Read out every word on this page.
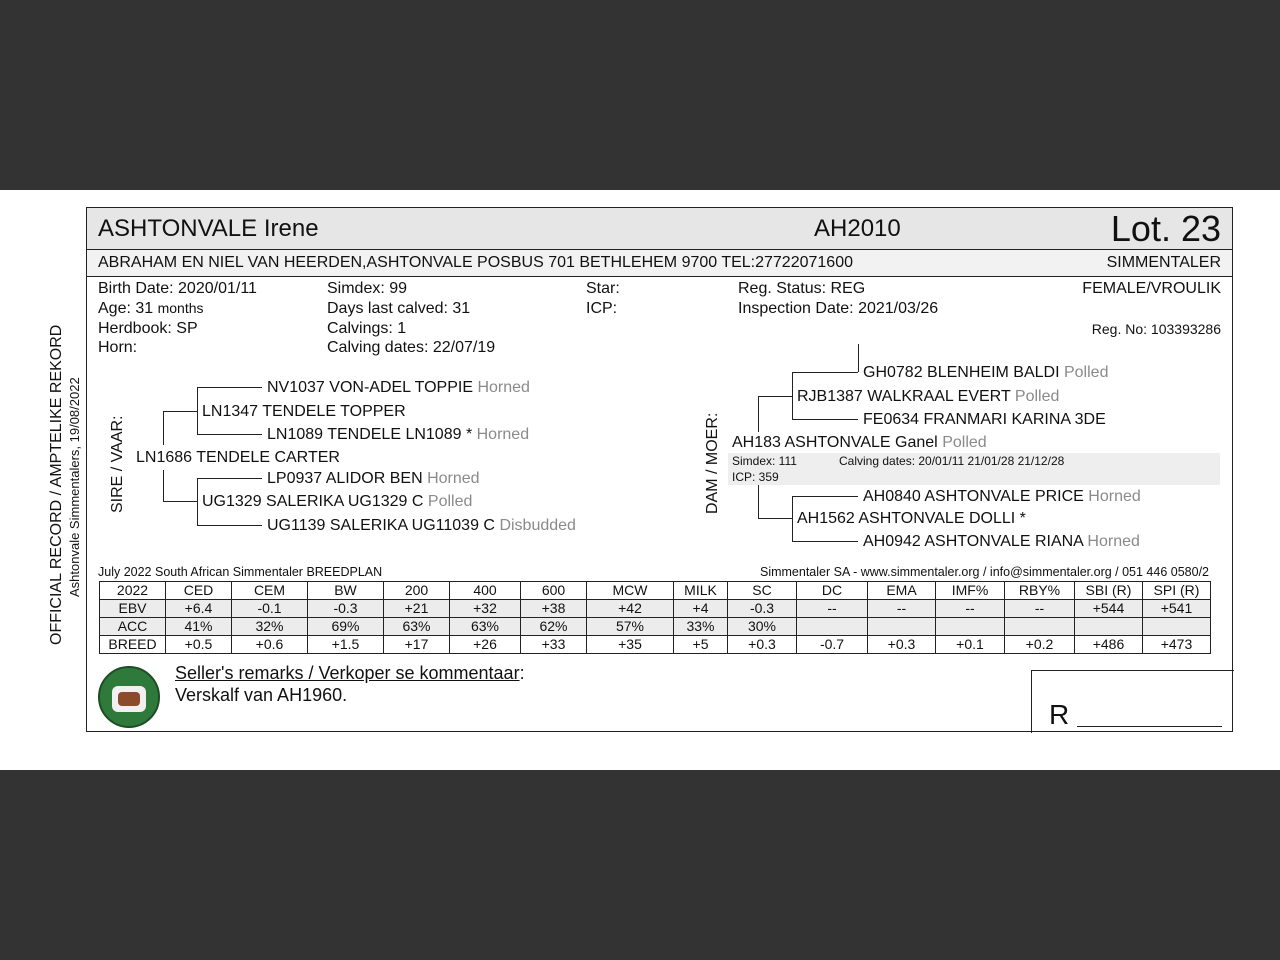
OFFICIAL RECORD / AMPTELIKE REKORD Ashtonvale Simmentalers, 19/08/2022
ASHTONVALE Irene	AH2010	Lot. 23
ABRAHAM EN NIEL VAN HEERDEN,ASHTONVALE POSBUS 701 BETHLEHEM 9700 TEL:27722071600	SIMMENTALER
Birth Date: 2020/01/11
Age: 31 months
Herdbook: SP
Horn:
Simdex: 99
Days last calved: 31
Calvings: 1
Calving dates: 22/07/19
Star:
ICP:
Reg. Status: REG
Inspection Date: 2021/03/26
FEMALE/VROULIK
Reg. No: 103393286
SIRE / VAAR: LN1686 TENDELE CARTER
LN1347 TENDELE TOPPER
UG1329 SALERIKA UG1329 C Polled
NV1037 VON-ADEL TOPPIE Horned
LN1089 TENDELE LN1089 * Horned
LP0937 ALIDOR BEN Horned
UG1139 SALERIKA UG11039 C Disbudded
DAM / MOER:
RJB1387 WALKRAAL EVERT Polled
GH0782 BLENHEIM BALDI Polled
FE0634 FRANMARI KARINA 3DE
AH183 ASHTONVALE Ganel Polled
Simdex: 111	Calving dates: 20/01/11 21/01/28 21/12/28
ICP: 359
AH1562 ASHTONVALE DOLLI *
AH0840 ASHTONVALE PRICE Horned
AH0942 ASHTONVALE RIANA Horned
July 2022 South African Simmentaler BREEDPLAN	Simmentaler SA - www.simmentaler.org / info@simmentaler.org / 051 446 0580/2
Seller's remarks / Verkoper se kommentaar:
Verskalf van AH1960.
R
2022	CED	CEM	BW	200	400	600	MCW	MILK	SC	DC	EMA	IMF%	RBY%	SBI (R)	SPI (R)
EBV	+6.4	-0.1	-0.3	+21	+32	+38	+42	+4	-0.3	--	--	--	--	+544	+541
ACC	41%	32%	69%	63%	63%	62%	57%	33%	30%						
BREED	+0.5	+0.6	+1.5	+17	+26	+33	+35	+5	+0.3	-0.7	+0.3	+0.1	+0.2	+486	+473
